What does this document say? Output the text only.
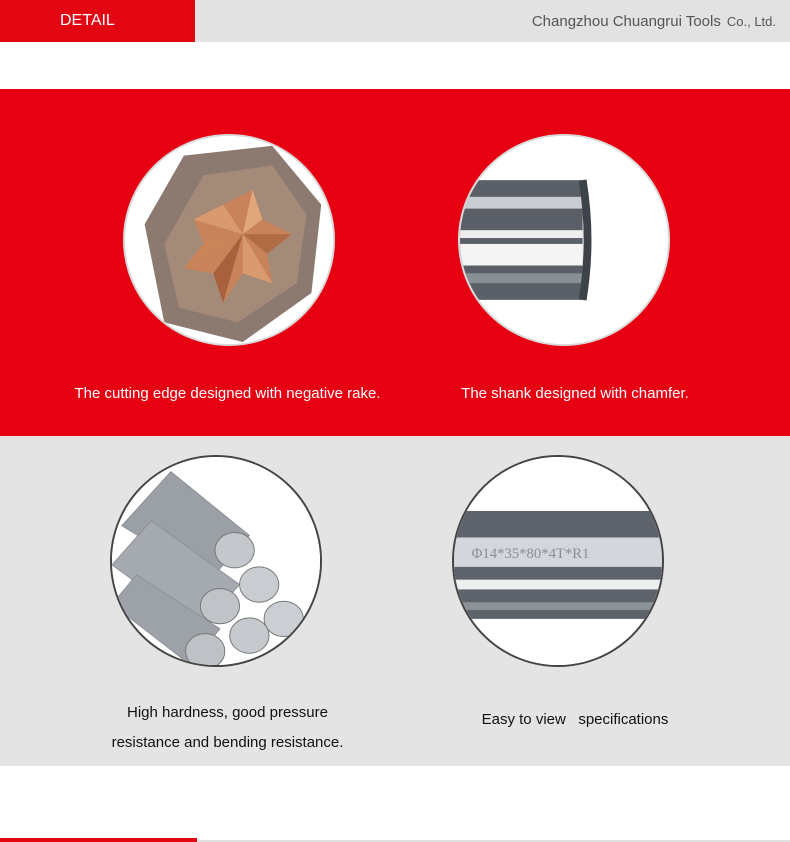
DETAIL	Changzhou Chuangrui Tools Co., Ltd.
Φ14*35*80*4T*R1
The cutting edge designed with negative rake.	The shank designed with chamfer.
High hardness, good pressure
resistance and bending resistance.
Easy to view   specifications
